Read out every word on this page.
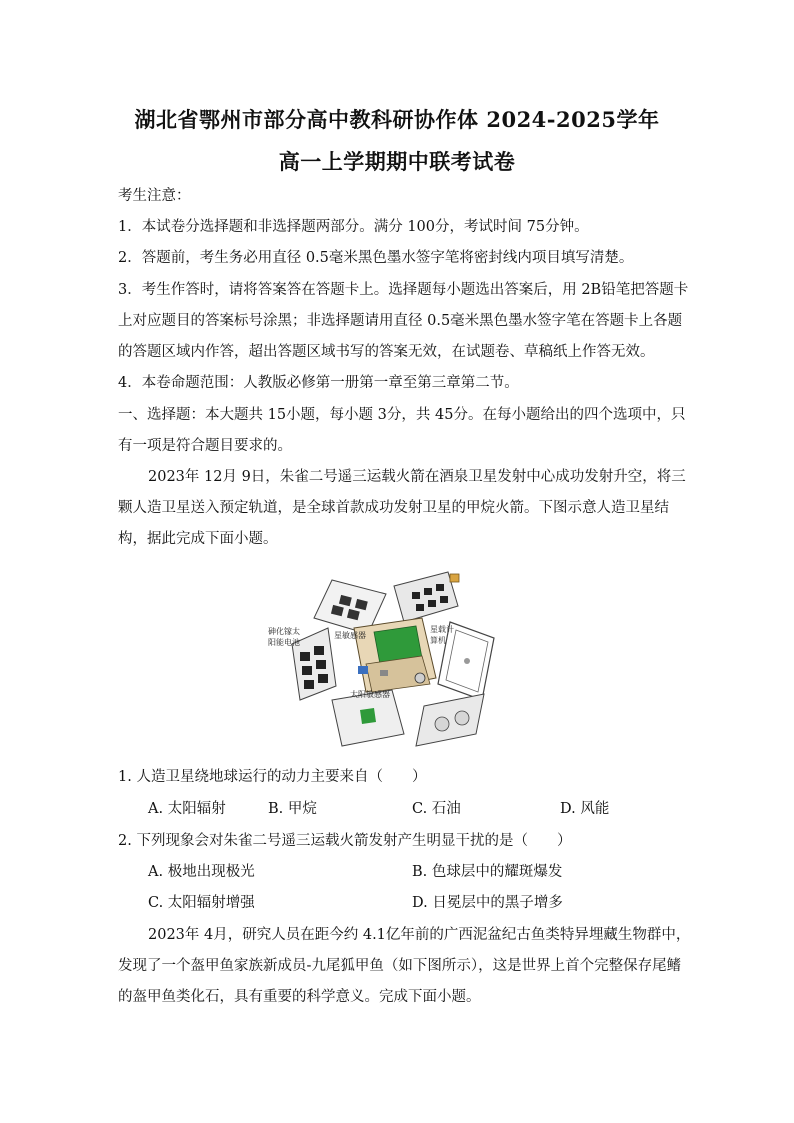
湖北省鄂州市部分高中教科研协作体 2024-2025学年
高一上学期期中联考试卷
考生注意：
1．本试卷分选择题和非选择题两部分。满分 100分，考试时间 75分钟。
2．答题前，考生务必用直径 0.5毫米黑色墨水签字笔将密封线内项目填写清楚。
3．考生作答时，请将答案答在答题卡上。选择题每小题选出答案后，用 2B铅笔把答题卡
上对应题目的答案标号涂黑；非选择题请用直径 0.5毫米黑色墨水签字笔在答题卡上各题
的答题区域内作答，超出答题区域书写的答案无效，在试题卷、草稿纸上作答无效。
4．本卷命题范围：人教版必修第一册第一章至第三章第二节。
一、选择题：本大题共 15小题，每小题 3分，共 45分。在每小题给出的四个选项中，只
有一项是符合题目要求的。
2023年 12月 9日，朱雀二号遥三运载火箭在酒泉卫星发射中心成功发射升空，将三
颗人造卫星送入预定轨道，是全球首款成功发射卫星的甲烷火箭。下图示意人造卫星结
构，据此完成下面小题。
砷化镓太
阳能电池
星敏感器
星载计
算机
太阳敏感器
1. 人造卫星绕地球运行的动力主要来自（　　）
A. 太阳辐射	B. 甲烷	C. 石油	D. 风能
2. 下列现象会对朱雀二号遥三运载火箭发射产生明显干扰的是（　　）
A. 极地出现极光	B. 色球层中的耀斑爆发
C. 太阳辐射增强	D. 日冕层中的黑子增多
2023年 4月，研究人员在距今约 4.1亿年前的广西泥盆纪古鱼类特异埋藏生物群中，
发现了一个盔甲鱼家族新成员-九尾狐甲鱼（如下图所示），这是世界上首个完整保存尾鳍
的盔甲鱼类化石，具有重要的科学意义。完成下面小题。
